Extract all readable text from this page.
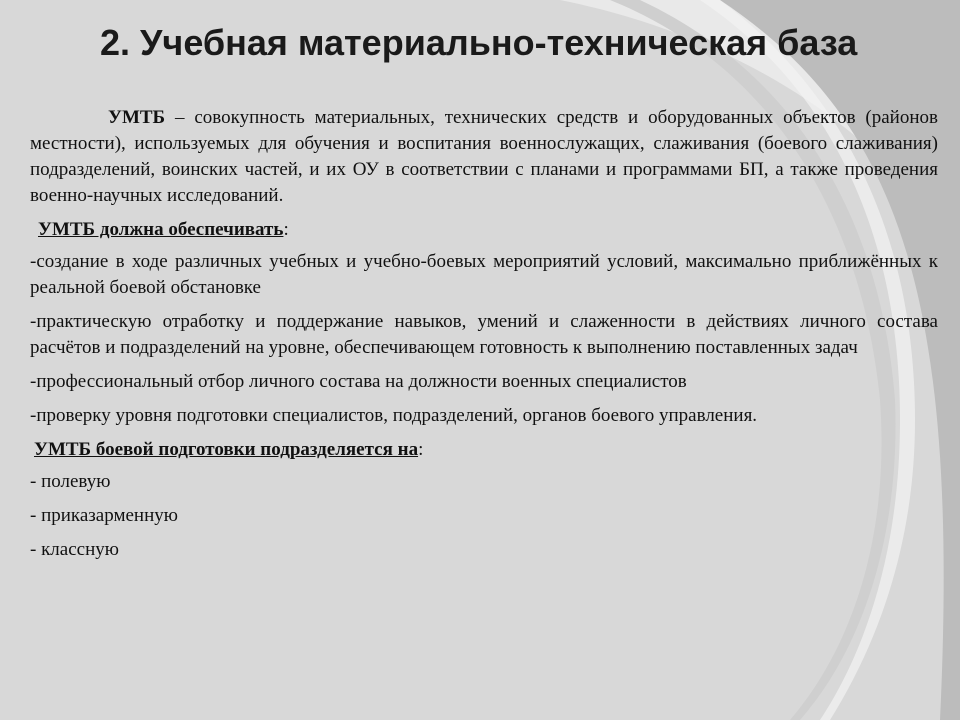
2. Учебная материально-техническая база

УМТБ – совокупность материальных, технических средств и оборудованных объектов (районов местности), используемых для обучения и воспитания военнослужащих, слаживания (боевого слаживания) подразделений, воинских частей, и их ОУ в соответствии с планами и программами БП, а также проведения военно-научных исследований.

УМТБ должна обеспечивать:

-создание в ходе различных учебных и учебно-боевых мероприятий условий, максимально приближённых к реальной боевой обстановке

-практическую отработку и поддержание навыков, умений и слаженности в действиях личного состава расчётов и подразделений на уровне, обеспечивающем готовность к выполнению поставленных задач

-профессиональный отбор личного состава на должности военных специалистов

-проверку уровня подготовки специалистов, подразделений, органов боевого управления.

УМТБ боевой подготовки подразделяется на:

- полевую

- приказарменную

- классную
